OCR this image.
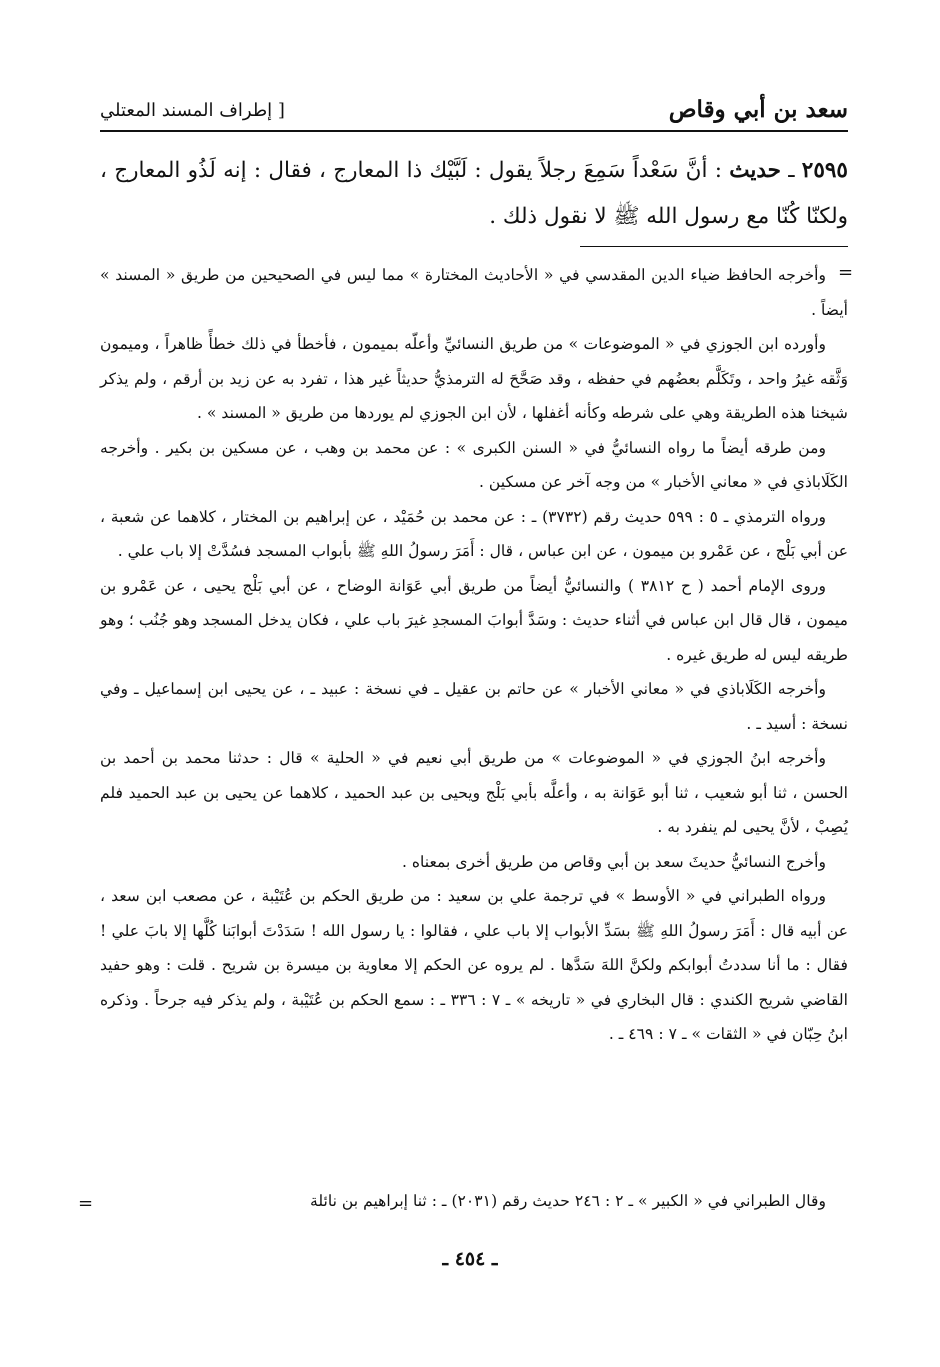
سعد بن أبي وقاص
[ إطراف المسند المعتلي
٢٥٩٥ ـ حديث : أنَّ سَعْداً سَمِعَ رجلاً يقول : لَبَّيْك ذا المعارج ، فقال : إنه لَذُو المعارج ، ولكنّا كُنّا مع رسول الله ﷺ لا نقول ذلك .
=

وأخرجه الحافظ ضياء الدين المقدسي في « الأحاديث المختارة » مما ليس في الصحيحين من طريق « المسند » أيضاً .

وأورده ابن الجوزي في « الموضوعات » من طريق النسائيِّ وأعلّه بميمون ، فأخطأ في ذلك خطأً ظاهراً ، وميمون وَثَّقه غيرُ واحد ، وتَكَلَّم بعضُهم في حفظه ، وقد صَحَّحَ له الترمذيُّ حديثاً غير هذا ، تفرد به عن زيد بن أرقم ، ولم يذكر شيخنا هذه الطريقة وهي على شرطه وكأنه أغفلها ، لأن ابن الجوزي لم يوردها من طريق « المسند » .

ومن طرقه أيضاً ما رواه النسائيُّ في « السنن الكبرى » : عن محمد بن وهب ، عن مسكين بن بكير . وأخرجه الكَلَاباذي في « معاني الأخبار » من وجه آخر عن مسكين .

ورواه الترمذي ـ ٥ : ٥٩٩ حديث رقم (٣٧٣٢) ـ : عن محمد بن حُمَيْد ، عن إبراهيم بن المختار ، كلاهما عن شعبة ، عن أبي بَلْج ، عن عَمْرو بن ميمون ، عن ابن عباس ، قال : أَمَرَ رسولُ اللهِ ﷺ بأبواب المسجد فسُدَّتْ إلا باب علي .

وروى الإمام أحمد ( ح ٣٨١٢ ) والنسائيُّ أيضاً من طريق أبي عَوَانة الوضاح ، عن أبي بَلْج يحيى ، عن عَمْرو بن ميمون ، قال قال ابن عباس في أثناء حديث : وسَدَّ أبوابَ المسجدِ غيرَ باب علي ، فكان يدخل المسجد وهو جُنُب ؛ وهو طريقه ليس له طريق غيره .

وأخرجه الكَلَاباذي في « معاني الأخبار » عن حاتم بن عقيل ـ في نسخة : عبيد ـ ، عن يحيى ابن إسماعيل ـ وفي نسخة : أسيد ـ .

وأخرجه ابنُ الجوزي في « الموضوعات » من طريق أبي نعيم في « الحلية » قال : حدثنا محمد بن أحمد بن الحسن ، ثنا أبو شعيب ، ثنا أبو عَوَانة به ، وأعلَّه بأبي بَلْج ويحيى بن عبد الحميد ، كلاهما عن يحيى بن عبد الحميد فلم يُصِبْ ، لأنَّ يحيى لم ينفرد به .

وأخرج النسائيُّ حديثَ سعد بن أبي وقاص من طريق أخرى بمعناه .

ورواه الطبراني في « الأوسط » في ترجمة علي بن سعيد : من طريق الحكم بن عُتَيْبة ، عن مصعب ابن سعد ، عن أبيه قال : أَمَرَ رسولُ اللهِ ﷺ بسَدِّ الأبواب إلا باب علي ، فقالوا : يا رسول الله ! سَدَدْتَ أبوابَنا كُلَّها إلا بابَ علي ! فقال : ما أنا سددتُ أبوابكم ولكنَّ اللهَ سَدَّها . لم يروه عن الحكم إلا معاوية بن ميسرة بن شريح . قلت : وهو حفيد القاضي شريح الكندي : قال البخاري في « تاريخه » ـ ٧ : ٣٣٦ ـ : سمع الحكم بن عُتَيْبة ، ولم يذكر فيه جرحاً . وذكره ابنُ حِبّان في « الثقات » ـ ٧ : ٤٦٩ ـ .

وقال الطبراني في « الكبير » ـ ٢ : ٢٤٦ حديث رقم (٢٠٣١) ـ : ثنا إبراهيم بن نائلة
=
ـ ٤٥٤ ـ
